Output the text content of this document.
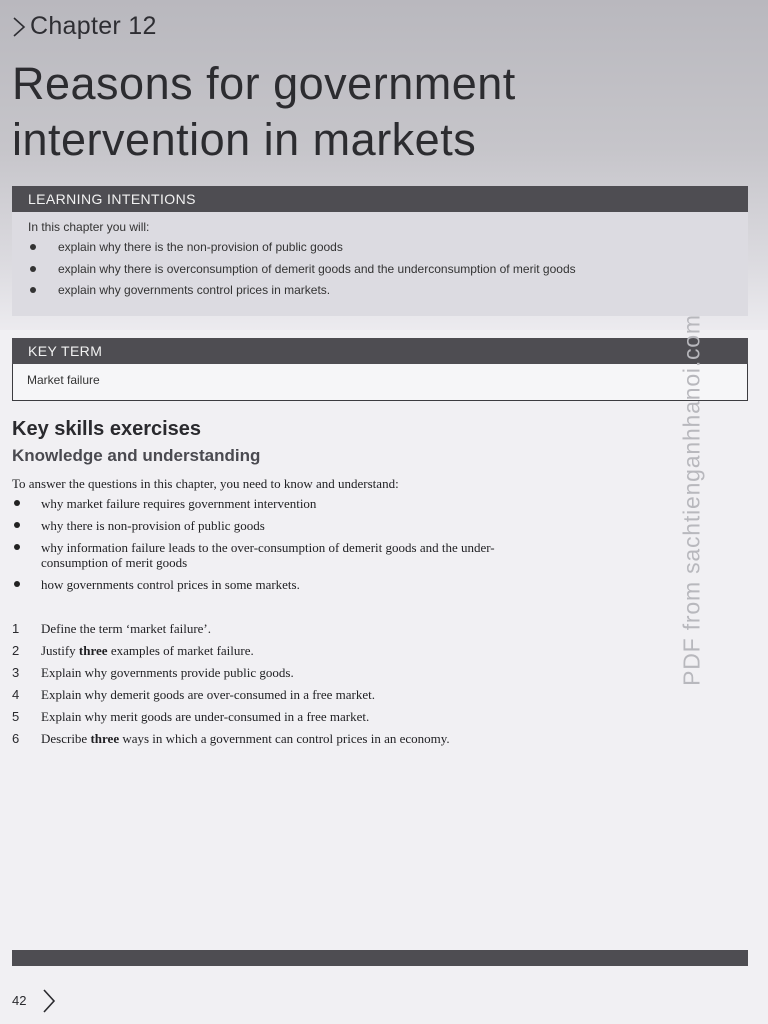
Chapter 12
Reasons for government intervention in markets
LEARNING INTENTIONS

In this chapter you will:

explain why there is the non-provision of public goods
explain why there is overconsumption of demerit goods and the underconsumption of merit goods
explain why governments control prices in markets.
KEY TERM
Market failure
Key skills exercises
Knowledge and understanding

To answer the questions in this chapter, you need to know and understand:

why market failure requires government intervention
why there is non-provision of public goods
why information failure leads to the over-consumption of demerit goods and the under-consumption of merit goods
how governments control prices in some markets.
1 Define the term ‘market failure’.
2 Justify three examples of market failure.
3 Explain why governments provide public goods.
4 Explain why demerit goods are over-consumed in a free market.
5 Explain why merit goods are under-consumed in a free market.
6 Describe three ways in which a government can control prices in an economy.
PDF from sachtienganhhanoi.com
42
